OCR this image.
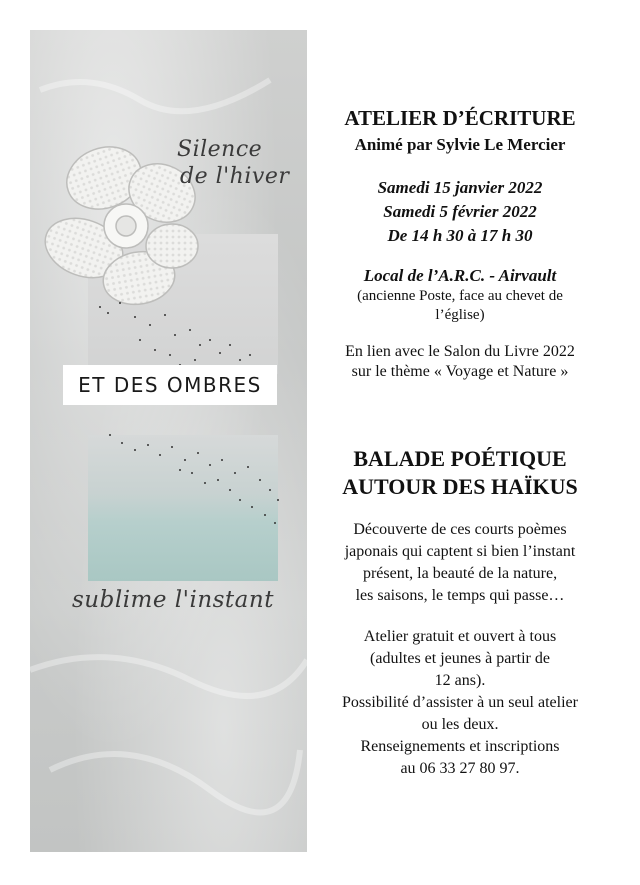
ET DES OMBRES
Silence
de l'hiver
sublime l'instant
ATELIER D’ÉCRITURE
Animé par Sylvie Le Mercier
Samedi 15 janvier 2022
Samedi 5 février 2022
De 14 h 30 à 17 h 30
Local de l’A.R.C. - Airvault
(ancienne Poste, face au chevet de
l’église)
En lien avec le Salon du Livre 2022
sur le thème « Voyage et Nature »
BALADE POÉTIQUE
AUTOUR DES HAÏKUS
Découverte de ces courts poèmes
japonais qui captent si bien l’instant
présent, la beauté de la nature,
les saisons, le temps qui passe…
Atelier gratuit et ouvert à tous
(adultes et jeunes à partir de
12 ans).
Possibilité d’assister à un seul atelier
ou les deux.
Renseignements et inscriptions
au 06 33 27 80 97.
